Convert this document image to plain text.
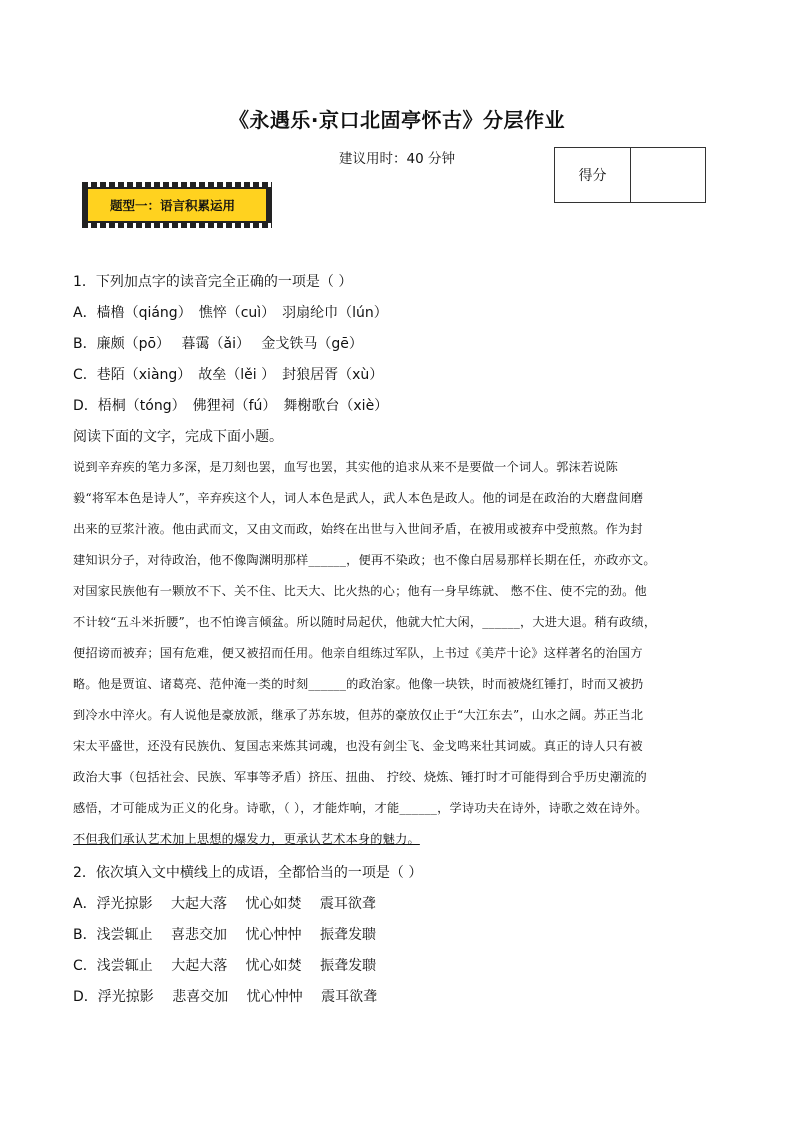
《永遇乐·京口北固亭怀古》分层作业
建议用时：40 分钟
得分
题型一：语言积累运用
1．下列加点字的读音完全正确的一项是（ ）
A．樯橹（qiáng）　憔悴（cuì）　羽扇纶巾（lún）
B．廉颇（pō）　 暮霭（ǎi）　 金戈铁马（gē）
C．巷陌（xiàng）　故垒（lěi ）　封狼居胥（xù）
D．梧桐（tóng）　佛狸祠（fú）　舞榭歌台（xiè）
阅读下面的文字，完成下面小题。
说到辛弃疾的笔力多深，是刀刻也罢，血写也罢，其实他的追求从来不是要做一个词人。郭沫若说陈
毅“将军本色是诗人”，辛弃疾这个人，词人本色是武人，武人本色是政人。他的词是在政治的大磨盘间磨
出来的豆浆汁液。他由武而文，又由文而政，始终在出世与入世间矛盾，在被用或被弃中受煎熬。作为封
建知识分子，对待政治，他不像陶渊明那样______，便再不染政；也不像白居易那样长期在任，亦政亦文。
对国家民族他有一颗放不下、关不住、比天大、比火热的心；他有一身早练就、 憋不住、使不完的劲。他
不计较“五斗米折腰”，也不怕谗言倾盆。所以随时局起伏，他就大忙大闲，______，大进大退。稍有政绩，
便招谤而被弃；国有危难，便又被招而任用。他亲自组练过军队，上书过《美芹十论》这样著名的治国方
略。他是贾谊、诸葛亮、范仲淹一类的时刻______的政治家。他像一块铁，时而被烧红锤打，时而又被扔
到冷水中淬火。有人说他是豪放派，继承了苏东坡，但苏的豪放仅止于“大江东去”，山水之阔。苏正当北
宋太平盛世，还没有民族仇、复国志来炼其词魂，也没有剑尘飞、金戈鸣来壮其词威。真正的诗人只有被
政治大事（包括社会、民族、军事等矛盾）挤压、扭曲、 拧绞、烧炼、锤打时才可能得到合乎历史潮流的
感悟，才可能成为正义的化身。诗歌，（ ），才能炸响，才能______，学诗功夫在诗外，诗歌之效在诗外。
不但我们承认艺术加上思想的爆发力，更承认艺术本身的魅力。
2．依次填入文中横线上的成语，全都恰当的一项是（ ）
A．浮光掠影　 大起大落　 忧心如焚　 震耳欲聋
B．浅尝辄止　 喜悲交加　 忧心忡忡　 振聋发聩
C．浅尝辄止　 大起大落　 忧心如焚　 振聋发聩
D．浮光掠影　 悲喜交加　 忧心忡忡　 震耳欲聋
